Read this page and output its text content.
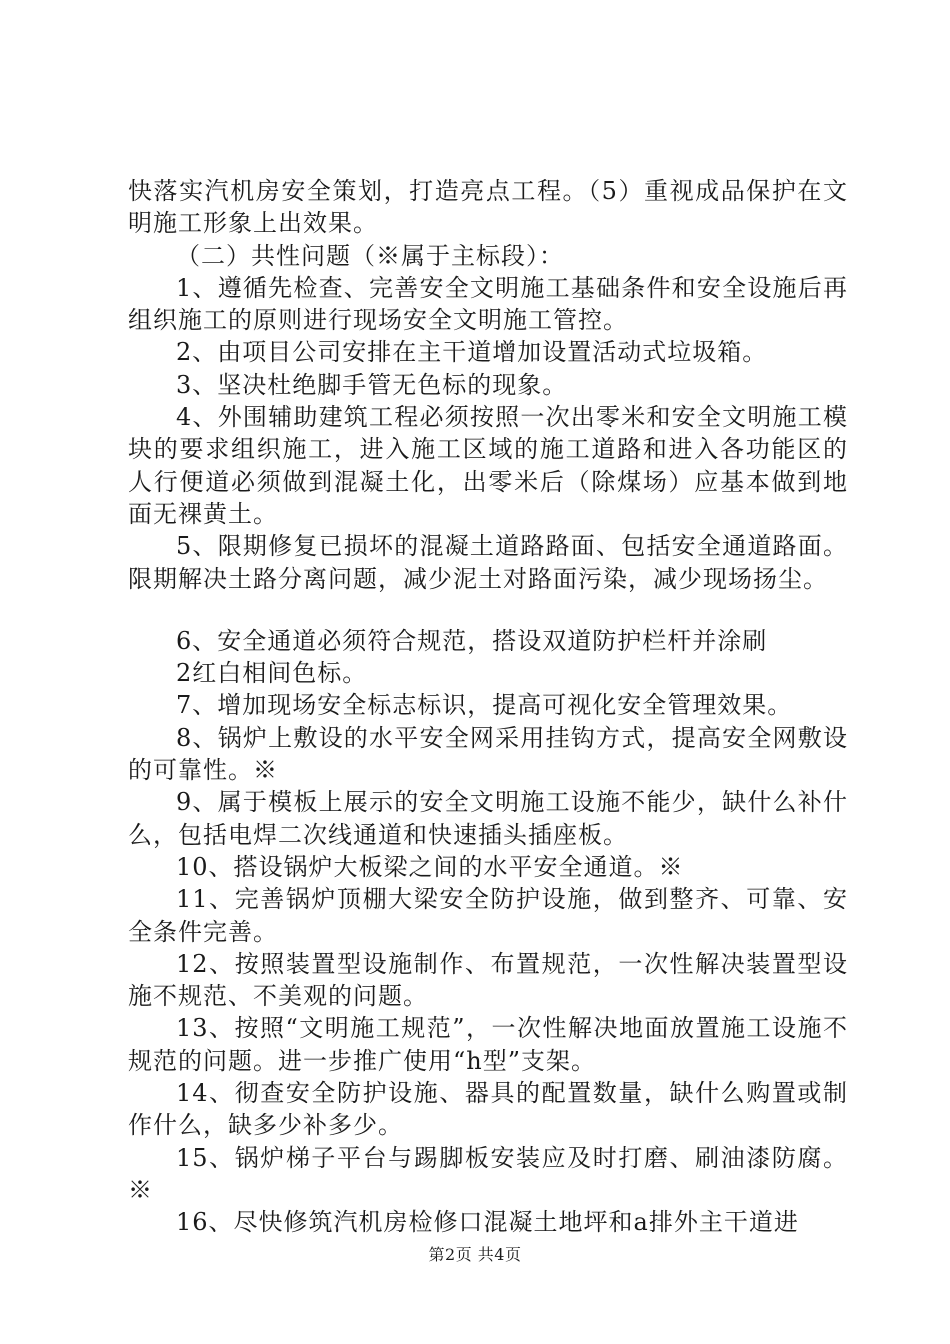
快落实汽机房安全策划，打造亮点工程。（5）重视成品保护在文明施工形象上出效果。

（二）共性问题（※属于主标段）：

1、遵循先检查、完善安全文明施工基础条件和安全设施后再组织施工的原则进行现场安全文明施工管控。

2、由项目公司安排在主干道增加设置活动式垃圾箱。

3、坚决杜绝脚手管无色标的现象。

4、外围辅助建筑工程必须按照一次出零米和安全文明施工模块的要求组织施工，进入施工区域的施工道路和进入各功能区的人行便道必须做到混凝土化，出零米后（除煤场）应基本做到地面无裸黄土。

5、限期修复已损坏的混凝土道路路面、包括安全通道路面。限期解决土路分离问题，减少泥土对路面污染，减少现场扬尘。

6、安全通道必须符合规范，搭设双道防护栏杆并涂刷

2红白相间色标。

7、增加现场安全标志标识，提高可视化安全管理效果。

8、锅炉上敷设的水平安全网采用挂钩方式，提高安全网敷设的可靠性。※

9、属于模板上展示的安全文明施工设施不能少，缺什么补什么，包括电焊二次线通道和快速插头插座板。

10、搭设锅炉大板梁之间的水平安全通道。※

11、完善锅炉顶棚大梁安全防护设施，做到整齐、可靠、安全条件完善。

12、按照装置型设施制作、布置规范，一次性解决装置型设施不规范、不美观的问题。

13、按照“文明施工规范”，一次性解决地面放置施工设施不规范的问题。进一步推广使用“h型”支架。

14、彻查安全防护设施、器具的配置数量，缺什么购置或制作什么，缺多少补多少。

15、锅炉梯子平台与踢脚板安装应及时打磨、刷油漆防腐。※

16、尽快修筑汽机房检修口混凝土地坪和a排外主干道进

第2页 共4页
